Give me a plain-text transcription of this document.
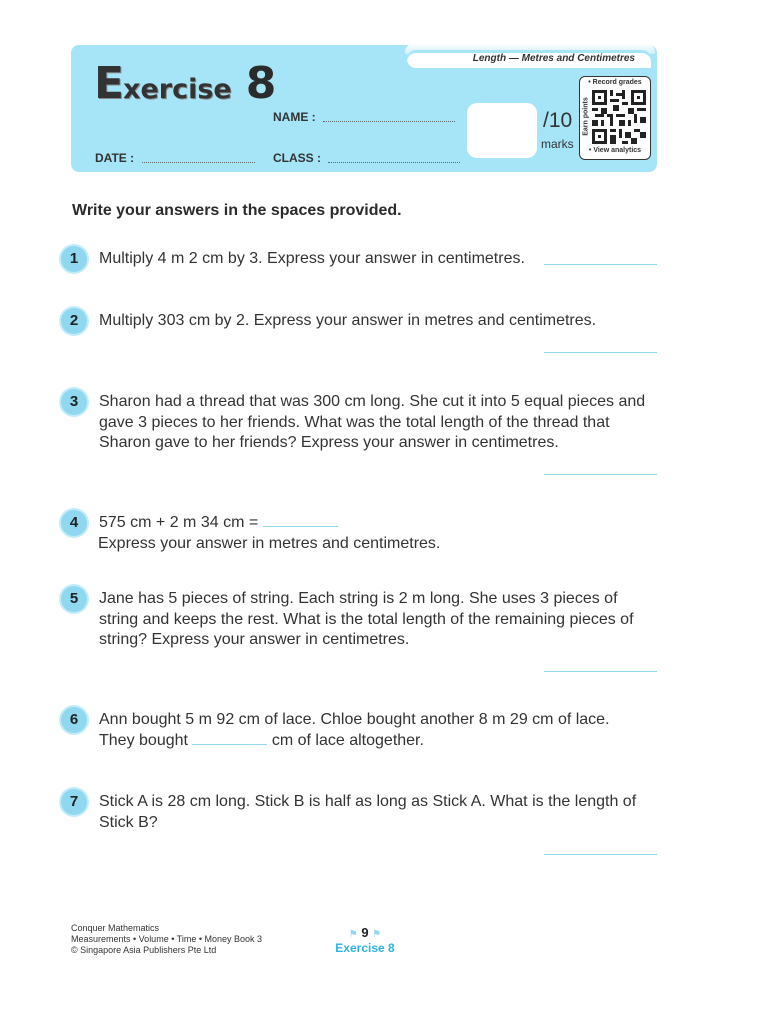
Length — Metres and Centimetres
Exercise 8
NAME :
DATE :	CLASS :
/10
marks
• Record grades
Earn points
• View analytics
Write your answers in the spaces provided.
1	Multiply 4 m 2 cm by 3. Express your answer in centimetres.
2	Multiply 303 cm by 2. Express your answer in metres and centimetres.
3	Sharon had a thread that was 300 cm long. She cut it into 5 equal pieces and gave 3 pieces to her friends. What was the total length of the thread that Sharon gave to her friends? Express your answer in centimetres.
4	575 cm + 2 m 34 cm =
Express your answer in metres and centimetres.
5	Jane has 5 pieces of string. Each string is 2 m long. She uses 3 pieces of string and keeps the rest. What is the total length of the remaining pieces of string? Express your answer in centimetres.
6	Ann bought 5 m 92 cm of lace. Chloe bought another 8 m 29 cm of lace.
They bought	cm of lace altogether.
7	Stick A is 28 cm long. Stick B is half as long as Stick A. What is the length of Stick B?
Conquer Mathematics
Measurements • Volume • Time • Money Book 3
© Singapore Asia Publishers Pte Ltd
⚑ 9 ⚑
Exercise 8
